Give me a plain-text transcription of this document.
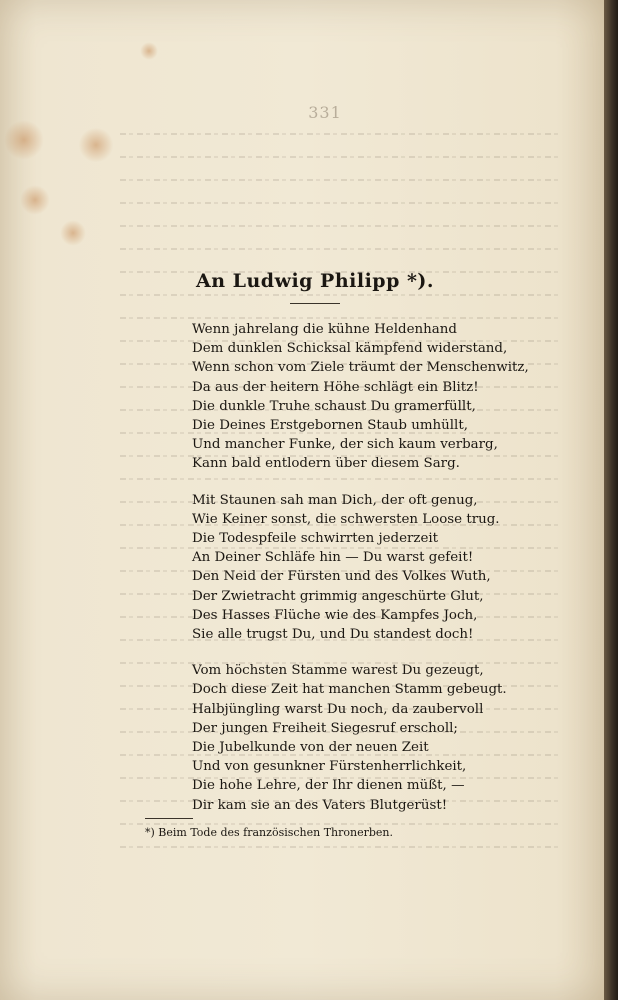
331
An Ludwig Philipp *).
Wenn jahrelang die kühne Heldenhand
Dem dunklen Schicksal kämpfend widerstand,
Wenn schon vom Ziele träumt der Menschenwitz,
Da aus der heitern Höhe schlägt ein Blitz!
Die dunkle Truhe schaust Du gramerfüllt,
Die Deines Erstgebornen Staub umhüllt,
Und mancher Funke, der sich kaum verbarg,
Kann bald entlodern über diesem Sarg.
Mit Staunen sah man Dich, der oft genug,
Wie Keiner sonst, die schwersten Loose trug.
Die Todespfeile schwirrten jederzeit
An Deiner Schläfe hin — Du warst gefeit!
Den Neid der Fürsten und des Volkes Wuth,
Der Zwietracht grimmig angeschürte Glut,
Des Hasses Flüche wie des Kampfes Joch,
Sie alle trugst Du, und Du standest doch!
Vom höchsten Stamme warest Du gezeugt,
Doch diese Zeit hat manchen Stamm gebeugt.
Halbjüngling warst Du noch, da zaubervoll
Der jungen Freiheit Siegesruf erscholl;
Die Jubelkunde von der neuen Zeit
Und von gesunkner Fürstenherrlichkeit,
Die hohe Lehre, der Ihr dienen müßt, —
Dir kam sie an des Vaters Blutgerüst!
*) Beim Tode des französischen Thronerben.
